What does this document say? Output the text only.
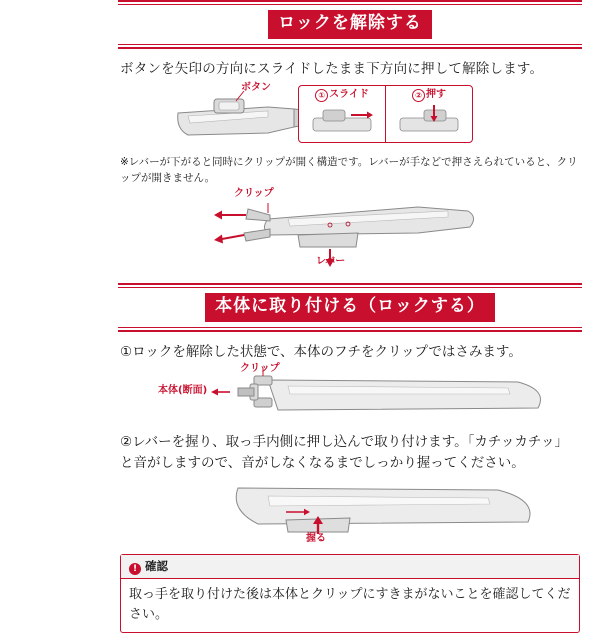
ロックを解除する
ボタンを矢印の方向にスライドしたまま下方向に押して解除します。
ボタン
① スライド	② 押す
※レバーが下がると同時にクリップが開く構造です。レバーが手などで押さえられていると、クリップが開きません。
クリップ
レバー
本体に取り付ける（ロックする）
①ロックを解除した状態で、本体のフチをクリップではさみます。
クリップ
本体(断面)
②レバーを握り、取っ手内側に押し込んで取り付けます。「カチッカチッ」と音がしますので、音がしなくなるまでしっかり握ってください。
握る
! 確認
取っ手を取り付けた後は本体とクリップにすきまがないことを確認してください。
